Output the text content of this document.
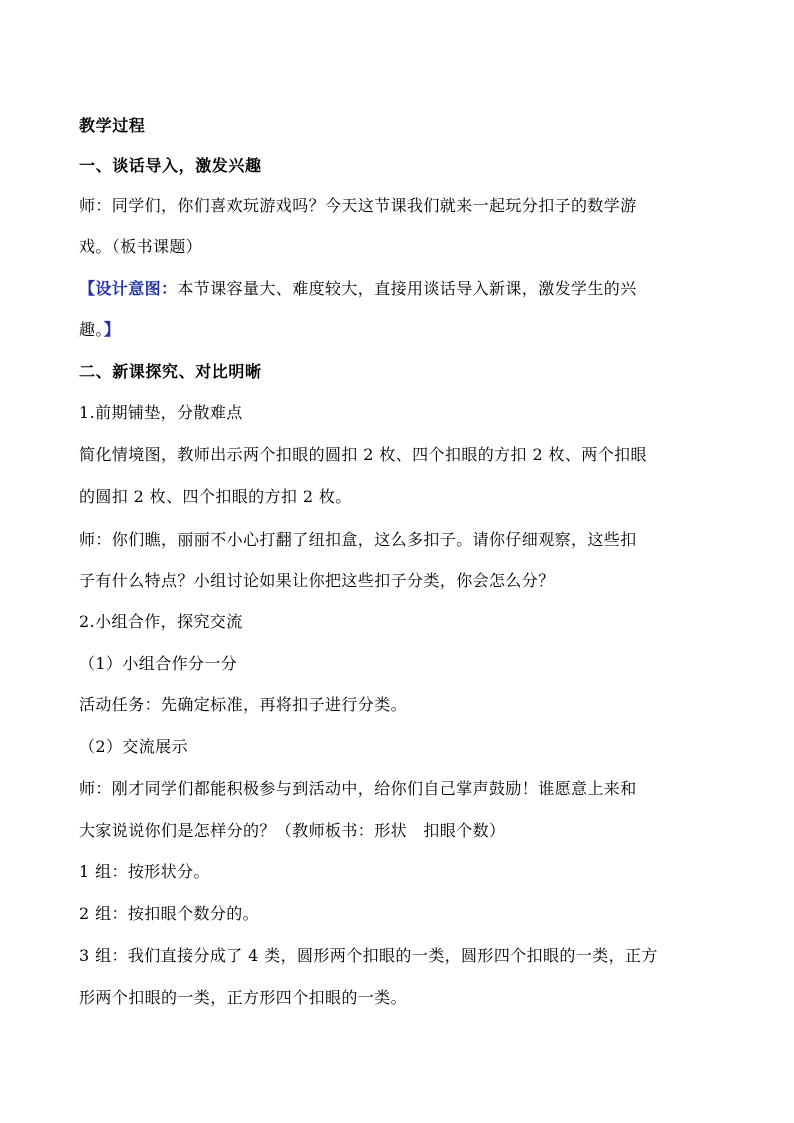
教学过程
一、谈话导入，激发兴趣
师：同学们，你们喜欢玩游戏吗？今天这节课我们就来一起玩分扣子的数学游
戏。（板书课题）
【设计意图：本节课容量大、难度较大，直接用谈话导入新课，激发学生的兴
趣。】
二、新课探究、对比明晰
1.前期铺垫，分散难点
简化情境图，教师出示两个扣眼的圆扣 2 枚、四个扣眼的方扣 2 枚、两个扣眼
的圆扣 2 枚、四个扣眼的方扣 2 枚。
师：你们瞧，丽丽不小心打翻了纽扣盒，这么多扣子。请你仔细观察，这些扣
子有什么特点？小组讨论如果让你把这些扣子分类，你会怎么分？
2.小组合作，探究交流
（1）小组合作分一分
活动任务：先确定标准，再将扣子进行分类。
（2）交流展示
师：刚才同学们都能积极参与到活动中，给你们自己掌声鼓励！谁愿意上来和
大家说说你们是怎样分的？（教师板书：形状　扣眼个数）
1 组：按形状分。
2 组：按扣眼个数分的。
3 组：我们直接分成了 4 类，圆形两个扣眼的一类，圆形四个扣眼的一类，正方
形两个扣眼的一类，正方形四个扣眼的一类。
